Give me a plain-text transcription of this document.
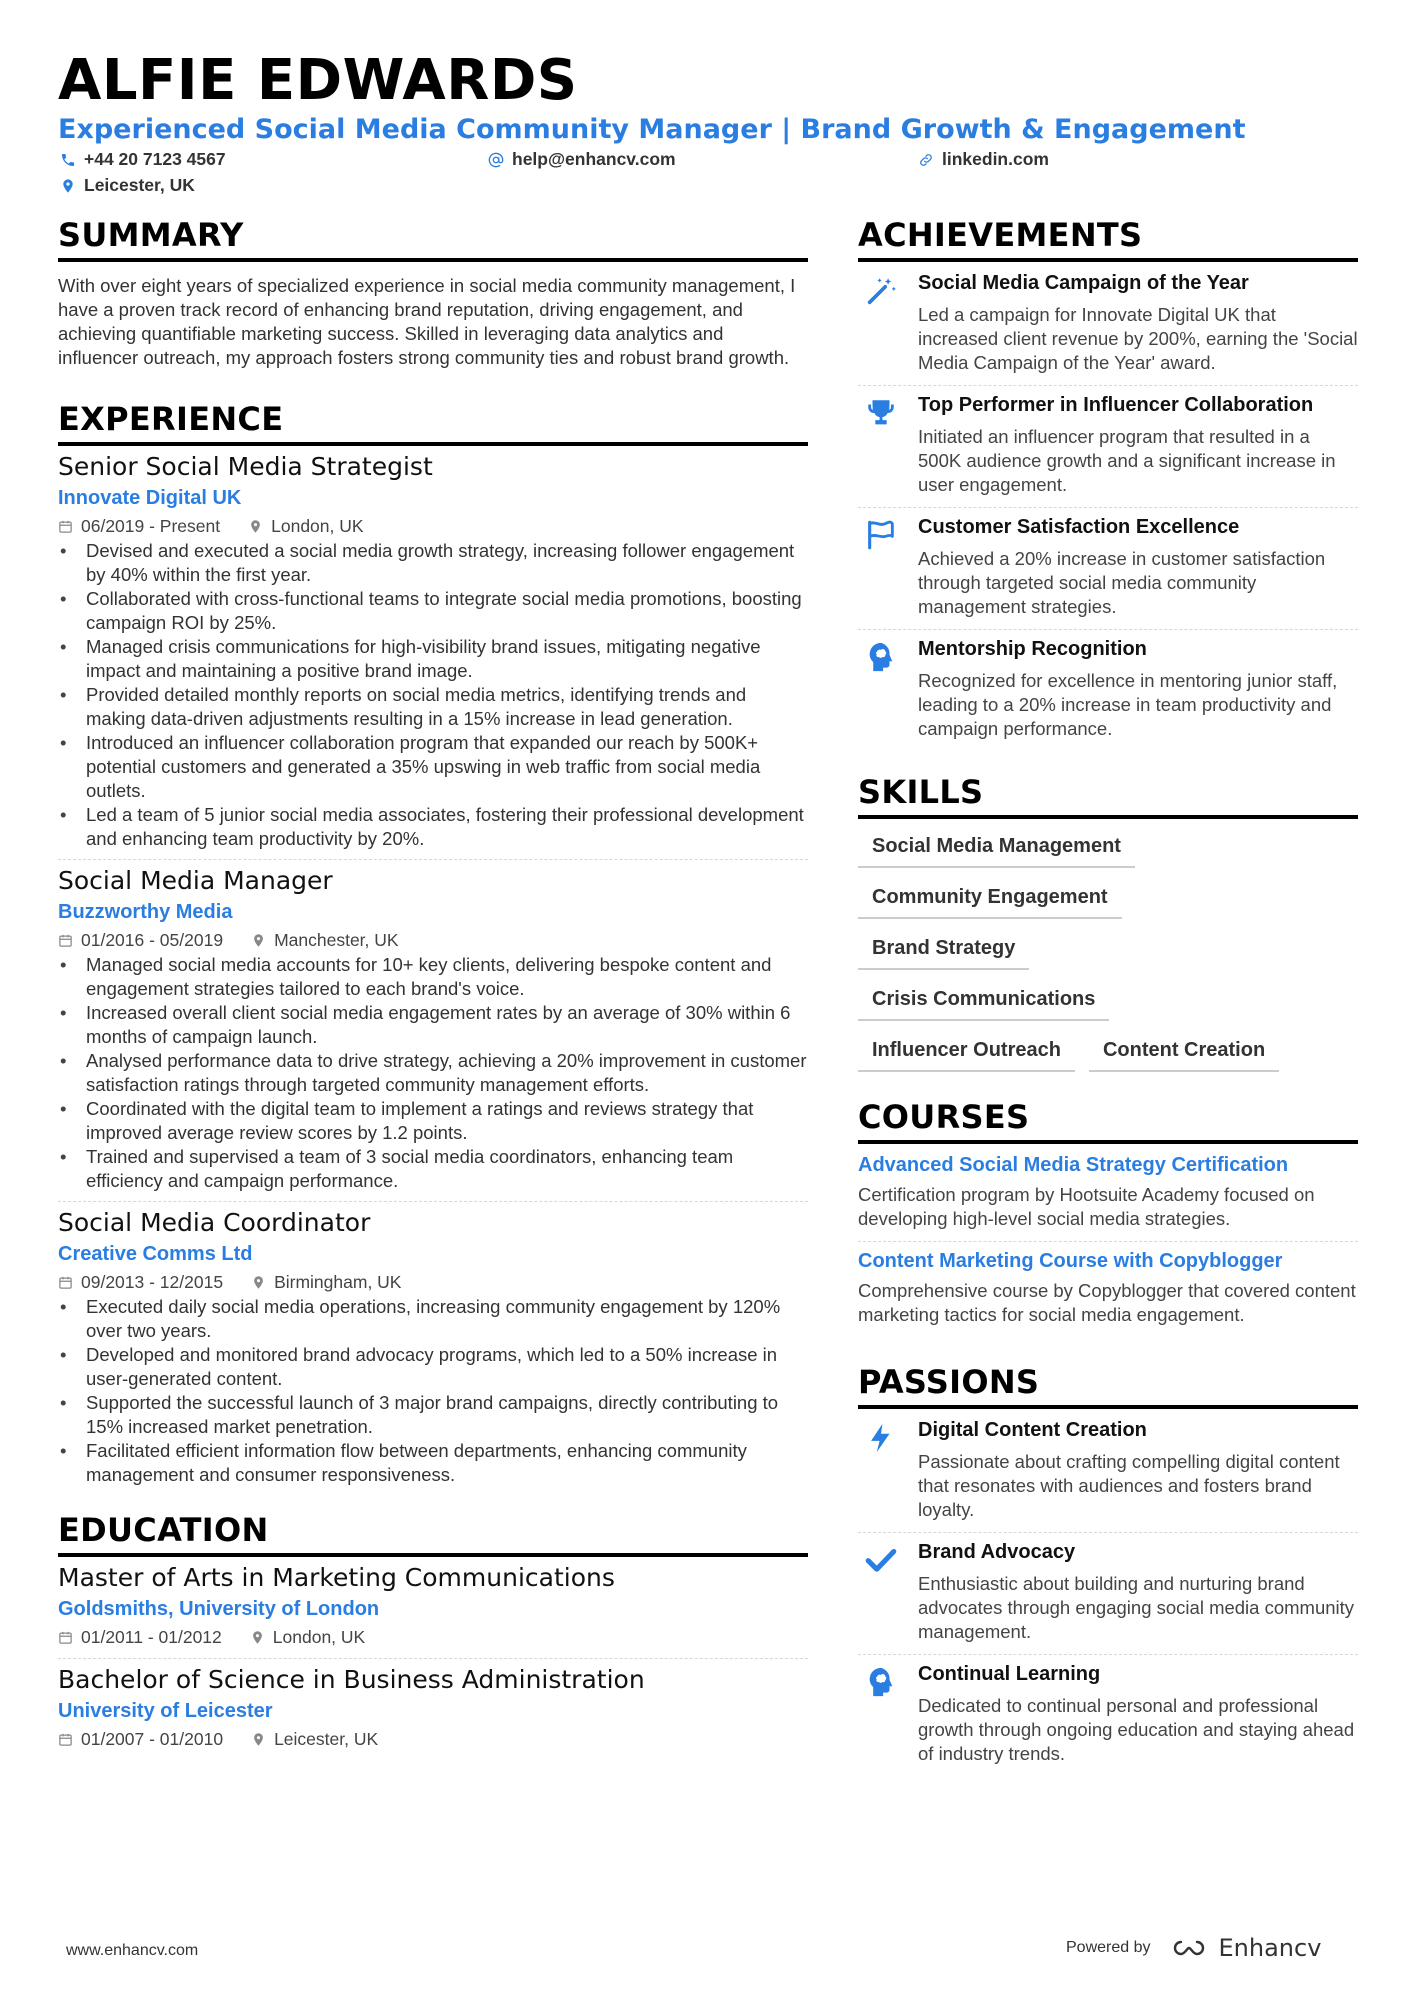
ALFIE EDWARDS
Experienced Social Media Community Manager | Brand Growth & Engagement
+44 20 7123 4567	help@enhancv.com	linkedin.com
Leicester, UK
SUMMARY
With over eight years of specialized experience in social media community management, I have a proven track record of enhancing brand reputation, driving engagement, and achieving quantifiable marketing success. Skilled in leveraging data analytics and influencer outreach, my approach fosters strong community ties and robust brand growth.
EXPERIENCE
Senior Social Media Strategist
Innovate Digital UK
06/2019 - Present	London, UK
• Devised and executed a social media growth strategy, increasing follower engagement by 40% within the first year.
• Collaborated with cross-functional teams to integrate social media promotions, boosting campaign ROI by 25%.
• Managed crisis communications for high-visibility brand issues, mitigating negative impact and maintaining a positive brand image.
• Provided detailed monthly reports on social media metrics, identifying trends and making data-driven adjustments resulting in a 15% increase in lead generation.
• Introduced an influencer collaboration program that expanded our reach by 500K+ potential customers and generated a 35% upswing in web traffic from social media outlets.
• Led a team of 5 junior social media associates, fostering their professional development and enhancing team productivity by 20%.
Social Media Manager
Buzzworthy Media
01/2016 - 05/2019	Manchester, UK
• Managed social media accounts for 10+ key clients, delivering bespoke content and engagement strategies tailored to each brand's voice.
• Increased overall client social media engagement rates by an average of 30% within 6 months of campaign launch.
• Analysed performance data to drive strategy, achieving a 20% improvement in customer satisfaction ratings through targeted community management efforts.
• Coordinated with the digital team to implement a ratings and reviews strategy that improved average review scores by 1.2 points.
• Trained and supervised a team of 3 social media coordinators, enhancing team efficiency and campaign performance.
Social Media Coordinator
Creative Comms Ltd
09/2013 - 12/2015	Birmingham, UK
• Executed daily social media operations, increasing community engagement by 120% over two years.
• Developed and monitored brand advocacy programs, which led to a 50% increase in user-generated content.
• Supported the successful launch of 3 major brand campaigns, directly contributing to 15% increased market penetration.
• Facilitated efficient information flow between departments, enhancing community management and consumer responsiveness.
EDUCATION
Master of Arts in Marketing Communications
Goldsmiths, University of London
01/2011 - 01/2012	London, UK
Bachelor of Science in Business Administration
University of Leicester
01/2007 - 01/2010	Leicester, UK
ACHIEVEMENTS
Social Media Campaign of the Year
Led a campaign for Innovate Digital UK that increased client revenue by 200%, earning the 'Social Media Campaign of the Year' award.
Top Performer in Influencer Collaboration
Initiated an influencer program that resulted in a 500K audience growth and a significant increase in user engagement.
Customer Satisfaction Excellence
Achieved a 20% increase in customer satisfaction through targeted social media community management strategies.
Mentorship Recognition
Recognized for excellence in mentoring junior staff, leading to a 20% increase in team productivity and campaign performance.
SKILLS
Social Media Management
Community Engagement
Brand Strategy
Crisis Communications
Influencer Outreach	Content Creation
COURSES
Advanced Social Media Strategy Certification
Certification program by Hootsuite Academy focused on developing high-level social media strategies.
Content Marketing Course with Copyblogger
Comprehensive course by Copyblogger that covered content marketing tactics for social media engagement.
PASSIONS
Digital Content Creation
Passionate about crafting compelling digital content that resonates with audiences and fosters brand loyalty.
Brand Advocacy
Enthusiastic about building and nurturing brand advocates through engaging social media community management.
Continual Learning
Dedicated to continual personal and professional growth through ongoing education and staying ahead of industry trends.
www.enhancv.com	Powered by	Enhancv
